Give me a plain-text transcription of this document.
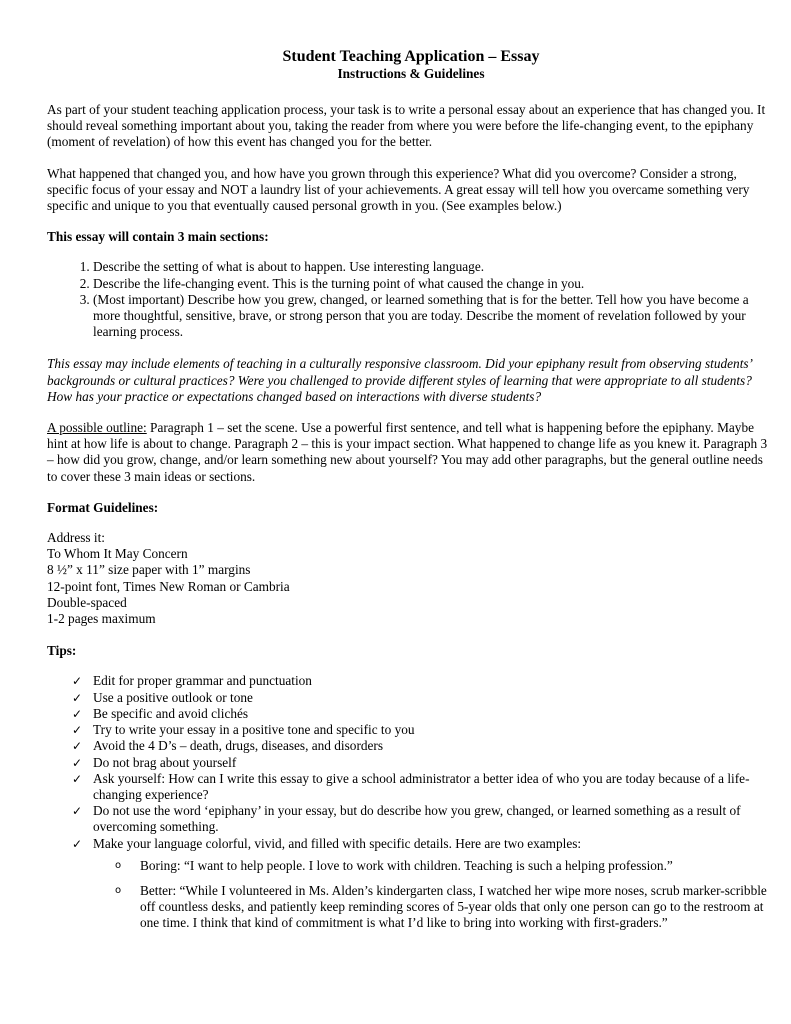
Student Teaching Application – Essay
Instructions & Guidelines

As part of your student teaching application process, your task is to write a personal essay about an experience that has changed you. It should reveal something important about you, taking the reader from where you were before the life-changing event, to the epiphany (moment of revelation) of how this event has changed you for the better.

What happened that changed you, and how have you grown through this experience? What did you overcome? Consider a strong, specific focus of your essay and NOT a laundry list of your achievements. A great essay will tell how you overcame something very specific and unique to you that eventually caused personal growth in you. (See examples below.)

This essay will contain 3 main sections:

1. Describe the setting of what is about to happen. Use interesting language.
2. Describe the life-changing event. This is the turning point of what caused the change in you.
3. (Most important) Describe how you grew, changed, or learned something that is for the better. Tell how you have become a more thoughtful, sensitive, brave, or strong person that you are today. Describe the moment of revelation followed by your learning process.

This essay may include elements of teaching in a culturally responsive classroom. Did your epiphany result from observing students’ backgrounds or cultural practices? Were you challenged to provide different styles of learning that were appropriate to all students? How has your practice or expectations changed based on interactions with diverse students?

A possible outline: Paragraph 1 – set the scene. Use a powerful first sentence, and tell what is happening before the epiphany. Maybe hint at how life is about to change. Paragraph 2 – this is your impact section. What happened to change life as you knew it. Paragraph 3 – how did you grow, change, and/or learn something new about yourself? You may add other paragraphs, but the general outline needs to cover these 3 main ideas or sections.

Format Guidelines:

Address it:
To Whom It May Concern
8 ½” x 11” size paper with 1” margins
12-point font, Times New Roman or Cambria
Double-spaced
1-2 pages maximum

Tips:

✓ Edit for proper grammar and punctuation
✓ Use a positive outlook or tone
✓ Be specific and avoid clichés
✓ Try to write your essay in a positive tone and specific to you
✓ Avoid the 4 D’s – death, drugs, diseases, and disorders
✓ Do not brag about yourself
✓ Ask yourself: How can I write this essay to give a school administrator a better idea of who you are today because of a life-changing experience?
✓ Do not use the word ‘epiphany’ in your essay, but do describe how you grew, changed, or learned something as a result of overcoming something.
✓ Make your language colorful, vivid, and filled with specific details. Here are two examples:
o Boring: “I want to help people. I love to work with children. Teaching is such a helping profession.”
o Better: “While I volunteered in Ms. Alden’s kindergarten class, I watched her wipe more noses, scrub marker-scribble off countless desks, and patiently keep reminding scores of 5-year olds that only one person can go to the restroom at one time. I think that kind of commitment is what I’d like to bring into working with first-graders.”
